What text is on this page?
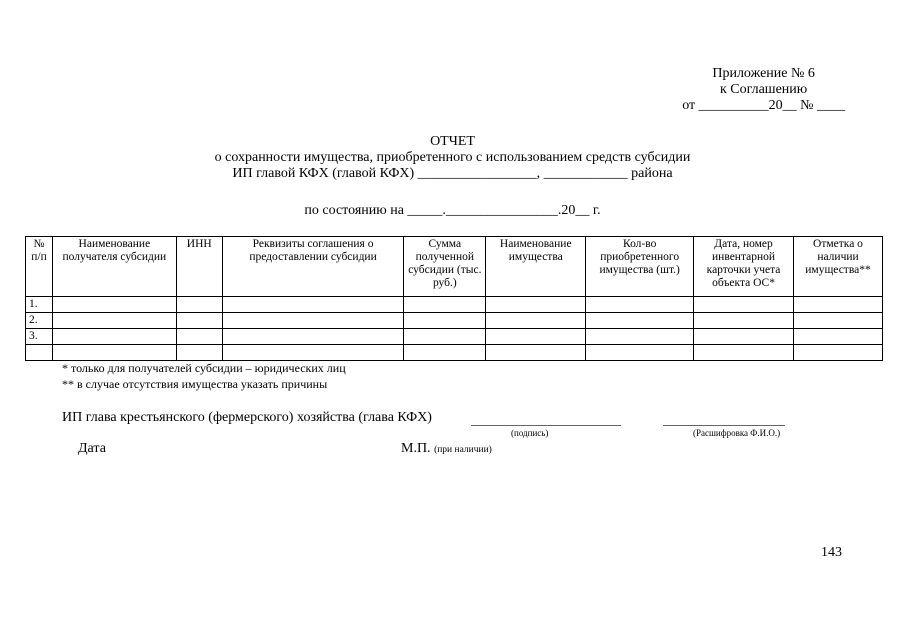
Приложение № 6
к Соглашению
от __________20__ № ____
ОТЧЕТ
о сохранности имущества, приобретенного с использованием средств субсидии
ИП главой КФХ (главой КФХ) _________________, ____________ района
по состоянию на _____.________________.20__ г.
№ п/п	Наименование получателя субсидии	ИНН	Реквизиты соглашения о предоставлении субсидии	Сумма полученной субсидии (тыс. руб.)	Наименование имущества	Кол-во приобретенного имущества (шт.)	Дата, номер инвентарной карточки учета объекта ОС*	Отметка о наличии имущества**
1.								
2.								
3.								

* только для получателей субсидии – юридических лиц
** в случае отсутствия имущества указать причины
ИП глава крестьянского (фермерского) хозяйства (глава КФХ)
(подпись)	(Расшифровка Ф.И.О.)
Дата	М.П. (при наличии)
143
